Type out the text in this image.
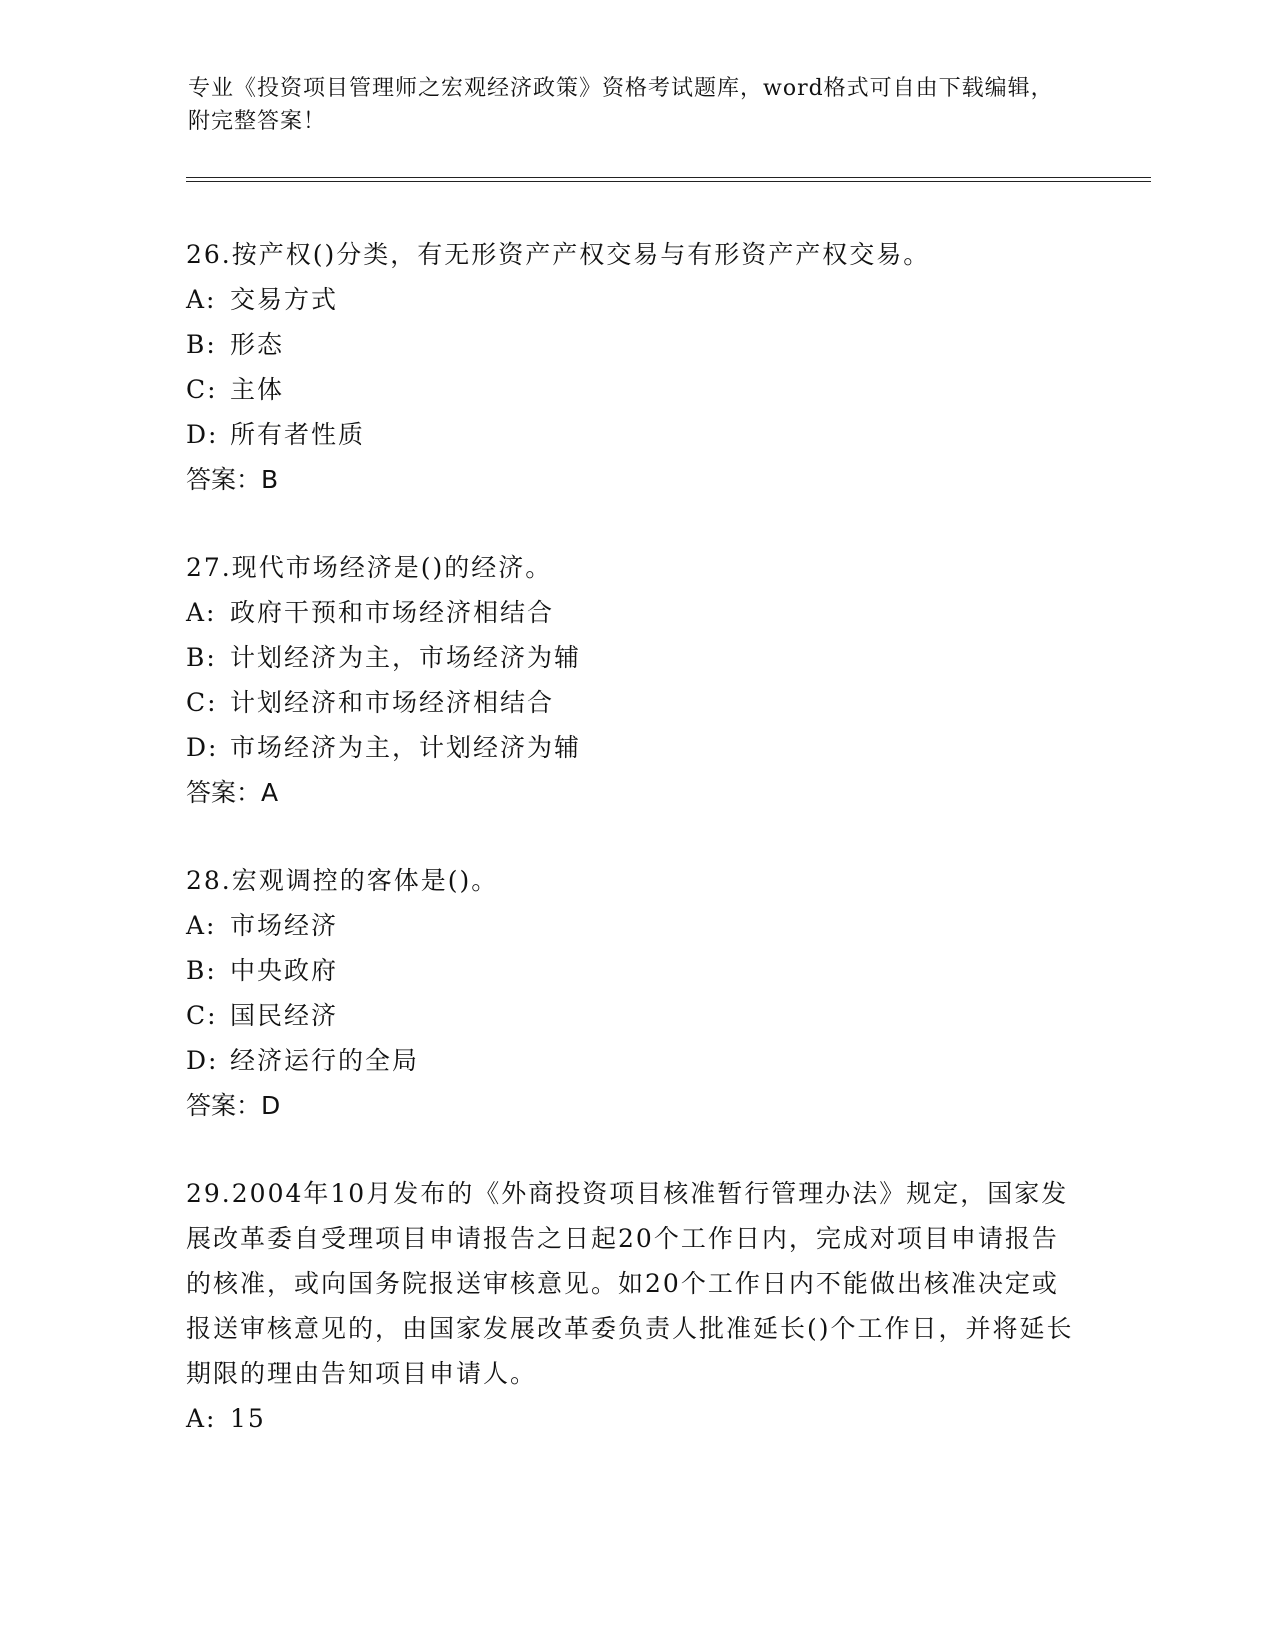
专业《投资项目管理师之宏观经济政策》资格考试题库，word格式可自由下载编辑，附完整答案！

26.按产权()分类，有无形资产产权交易与有形资产产权交易。

A: 交易方式

B: 形态

C: 主体

D: 所有者性质

答案：B

27.现代市场经济是()的经济。

A: 政府干预和市场经济相结合

B: 计划经济为主，市场经济为辅

C: 计划经济和市场经济相结合

D: 市场经济为主，计划经济为辅

答案：A

28.宏观调控的客体是()。

A: 市场经济

B: 中央政府

C: 国民经济

D: 经济运行的全局

答案：D

29.2004年10月发布的《外商投资项目核准暂行管理办法》规定，国家发展改革委自受理项目申请报告之日起20个工作日内，完成对项目申请报告的核准，或向国务院报送审核意见。如20个工作日内不能做出核准决定或报送审核意见的，由国家发展改革委负责人批准延长()个工作日，并将延长期限的理由告知项目申请人。

A: 15
